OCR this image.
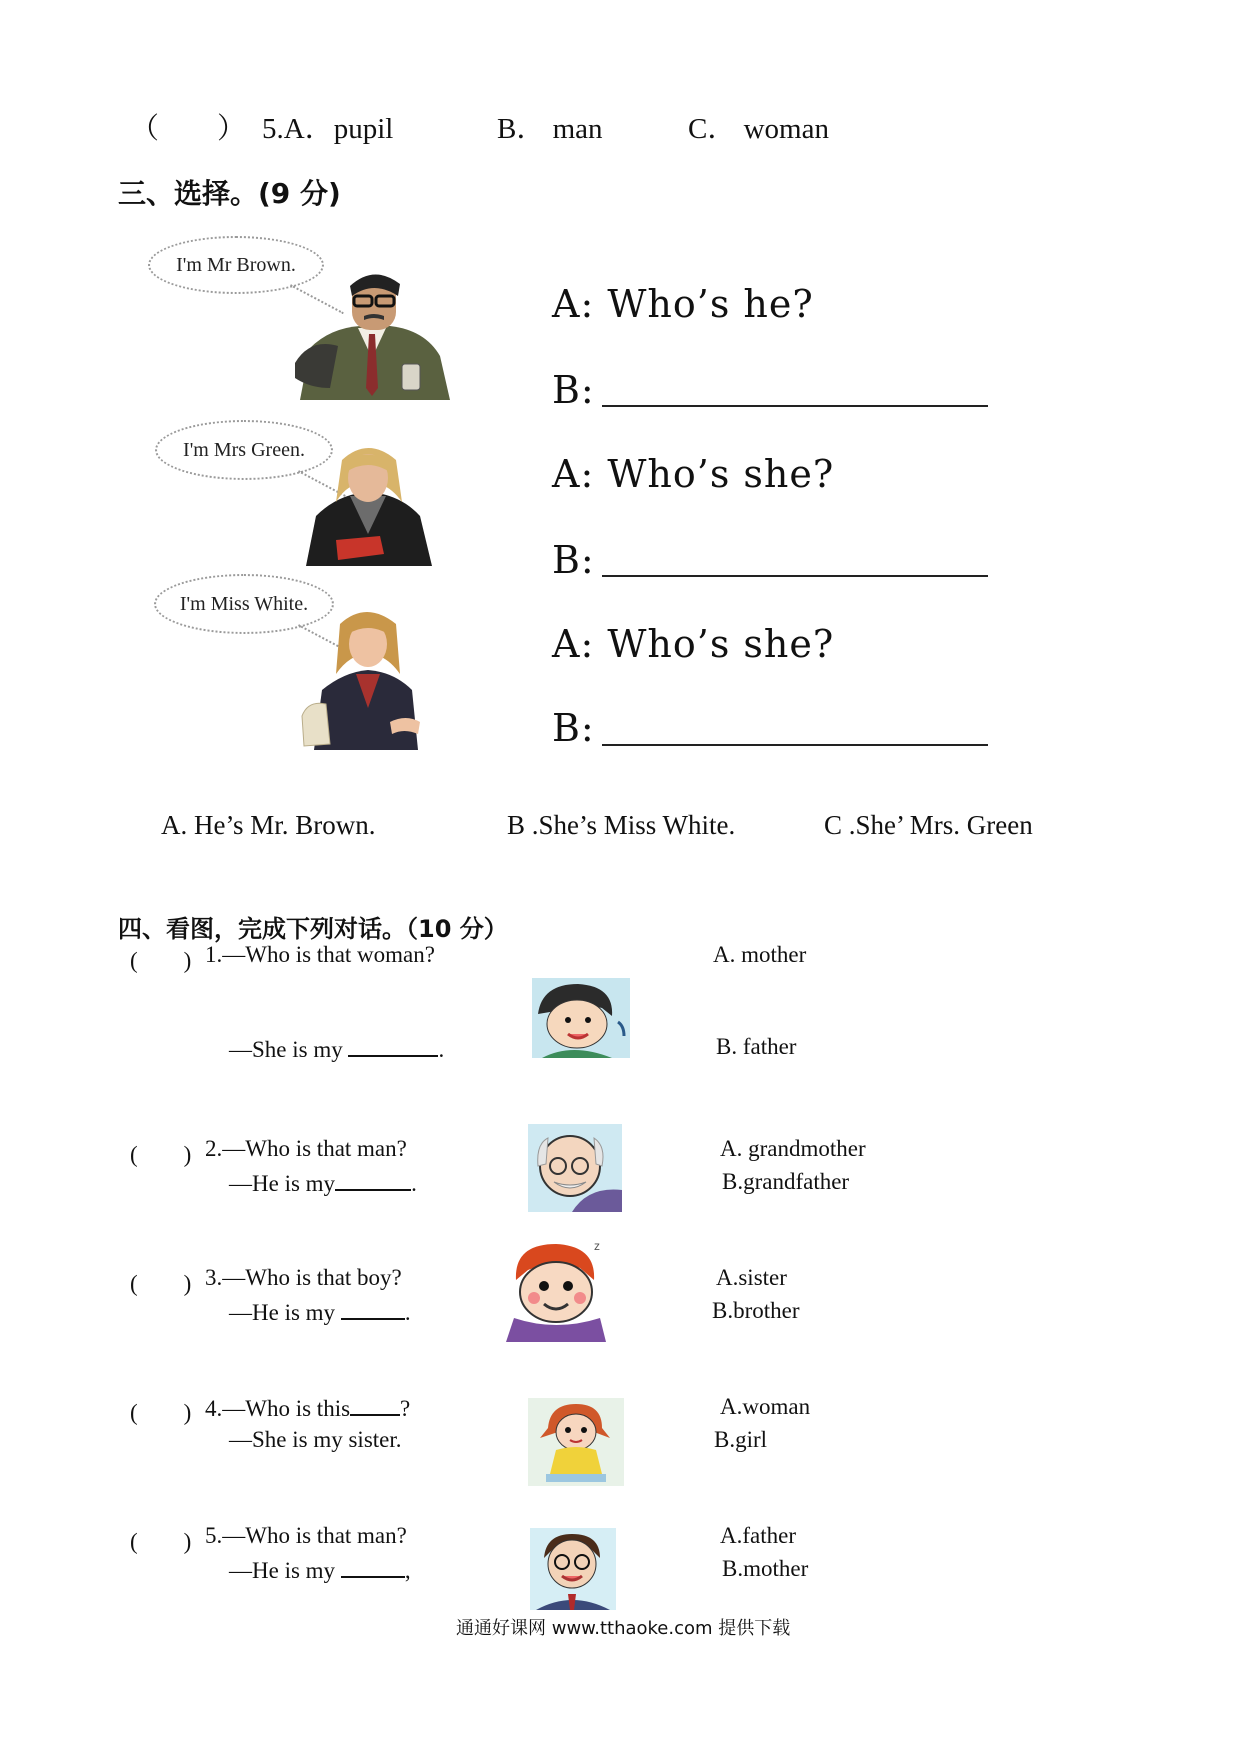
（　　） 5.A．pupil	B． man	C． woman
三、选择。(9 分)
I'm Mr Brown.
A: Who’s he?
B:
I'm Mrs Green.
A: Who’s she?
B:
I'm Miss White.
A: Who’s she?
B:
A. He’s Mr. Brown.	B .She’s Miss White.	C .She’ Mrs. Green
四、看图，完成下列对话。（10 分）
(　　) 1.—Who is that woman?
—She is my	.
A. mother
B. father
(　　) 2.—Who is that man?
—He is my	.
A. grandmother
B.grandfather
(　　) 3.—Who is that boy?
—He is my	.
z
A.sister
B.brother
(　　) 4.—Who is this ?
—She is my sister.
A.woman
B.girl
(　　) 5.—Who is that man?
—He is my	,
A.father
B.mother
通通好课网 www.tthaoke.com 提供下载
